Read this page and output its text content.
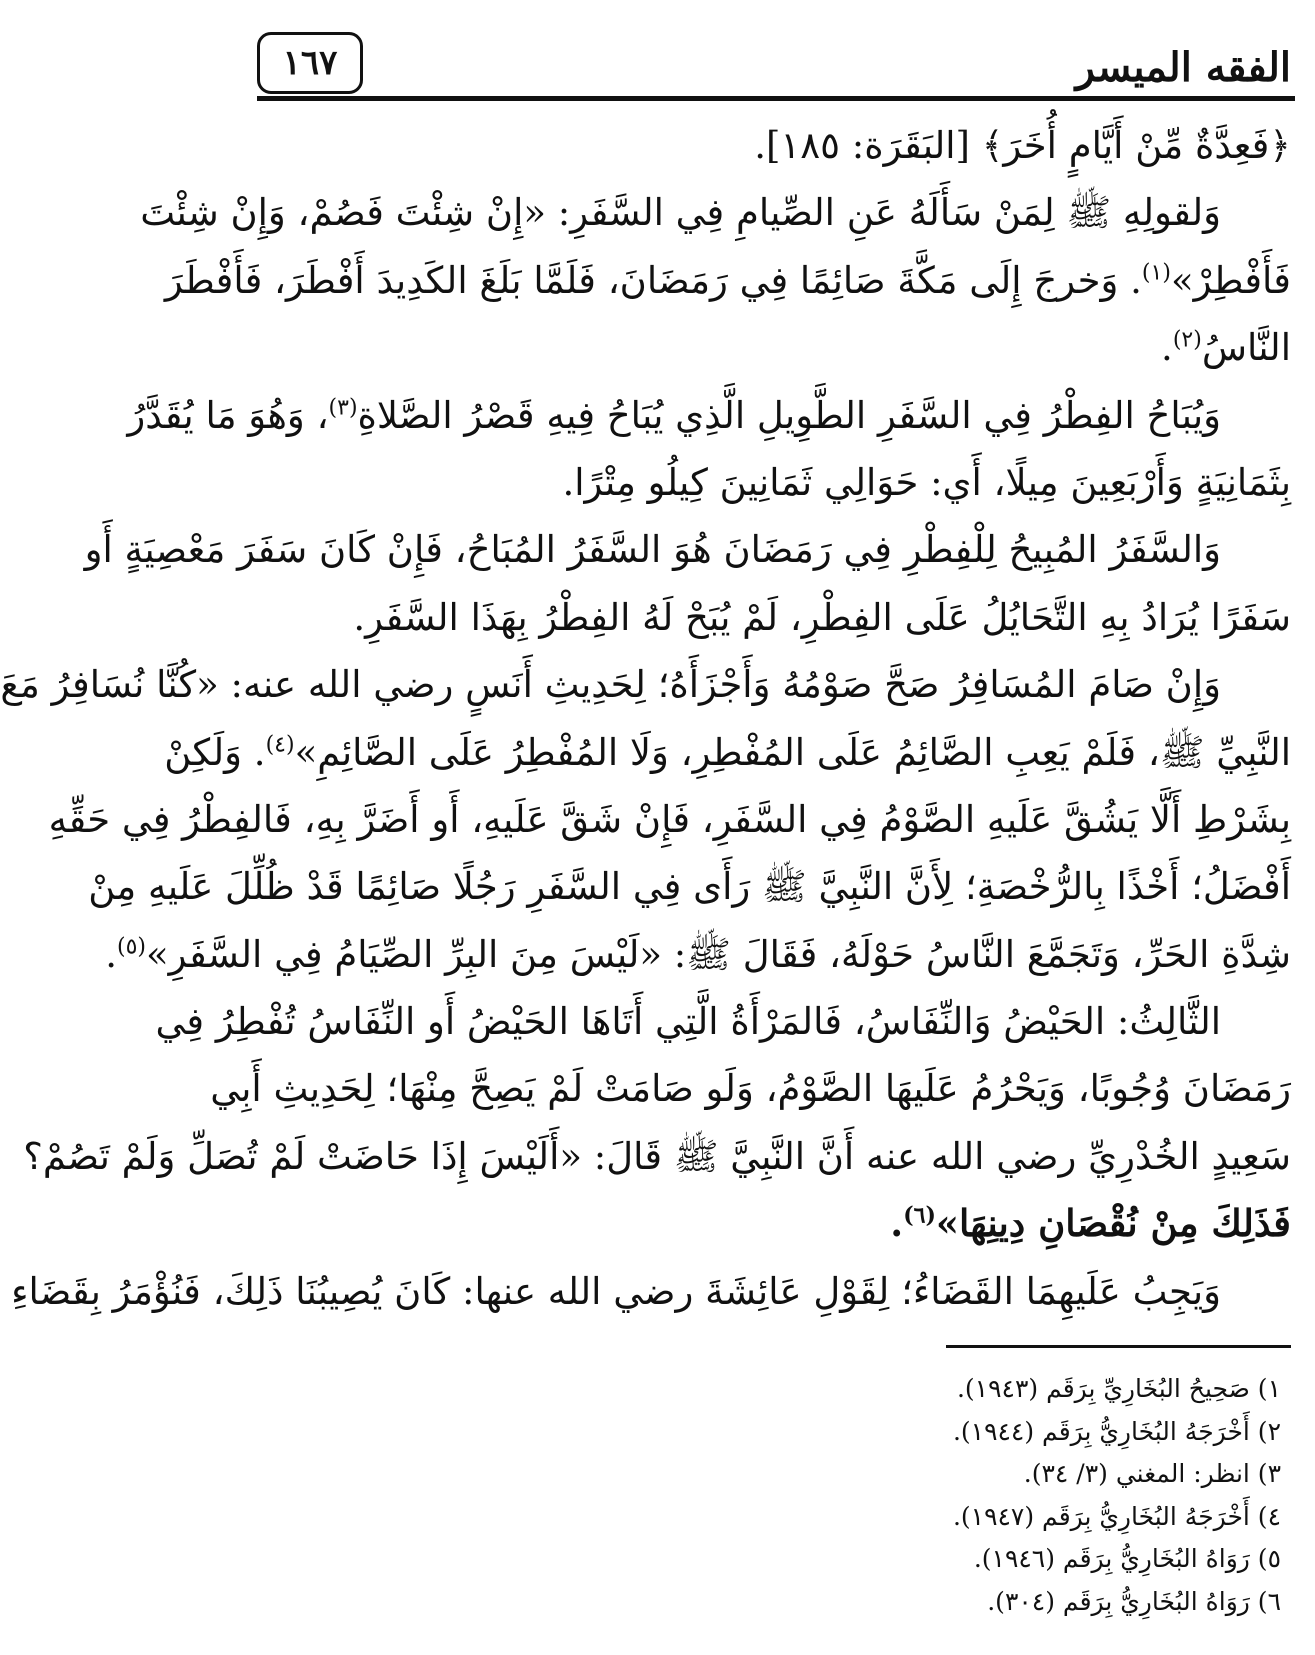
١٦٧	الفقه الميسر
﴿فَعِدَّةٌ مِّنْ أَيَّامٍ أُخَرَ﴾ [البَقَرَة: ١٨٥].
وَلقولِهِ ﷺ لِمَنْ سَأَلَهُ عَنِ الصِّيامِ فِي السَّفَرِ: «إِنْ شِئْتَ فَصُمْ، وَإِنْ شِئْتَ
فَأَفْطِرْ»$^{(١)}$. وَخرجَ إِلَى مَكَّةَ صَائِمًا فِي رَمَضَانَ، فَلَمَّا بَلَغَ الكَدِيدَ أَفْطَرَ، فَأَفْطَرَ
النَّاسُ$^{(٢)}$.
وَيُبَاحُ الفِطْرُ فِي السَّفَرِ الطَّوِيلِ الَّذِي يُبَاحُ فِيهِ قَصْرُ الصَّلاةِ$^{(٣)}$، وَهُوَ مَا يُقَدَّرُ
بِثَمَانِيَةٍ وَأَرْبَعِينَ مِيلًا، أَي: حَوَالِي ثَمَانِينَ كِيلُو مِتْرًا.
وَالسَّفَرُ المُبِيحُ لِلْفِطْرِ فِي رَمَضَانَ هُوَ السَّفَرُ المُبَاحُ، فَإِنْ كَانَ سَفَرَ مَعْصِيَةٍ أَو
سَفَرًا يُرَادُ بِهِ التَّحَايُلُ عَلَى الفِطْرِ، لَمْ يُبَحْ لَهُ الفِطْرُ بِهَذَا السَّفَرِ.
وَإِنْ صَامَ المُسَافِرُ صَحَّ صَوْمُهُ وَأَجْزَأَهُ؛ لِحَدِيثِ أَنَسٍ رضي الله عنه: «كُنَّا نُسَافِرُ مَعَ
النَّبِيِّ ﷺ، فَلَمْ يَعِبِ الصَّائِمُ عَلَى المُفْطِرِ، وَلَا المُفْطِرُ عَلَى الصَّائِمِ»$^{(٤)}$. وَلَكِنْ
بِشَرْطِ أَلَّا يَشُقَّ عَلَيهِ الصَّوْمُ فِي السَّفَرِ، فَإِنْ شَقَّ عَلَيهِ، أَو أَضَرَّ بِهِ، فَالفِطْرُ فِي حَقِّهِ
أَفْضَلُ؛ أَخْذًا بِالرُّخْصَةِ؛ لِأَنَّ النَّبِيَّ ﷺ رَأَى فِي السَّفَرِ رَجُلًا صَائِمًا قَدْ ظُلِّلَ عَلَيهِ مِنْ
شِدَّةِ الحَرِّ، وَتَجَمَّعَ النَّاسُ حَوْلَهُ، فَقَالَ ﷺ: «لَيْسَ مِنَ البِرِّ الصِّيَامُ فِي السَّفَرِ»$^{(٥)}$.
الثَّالِثُ: الحَيْضُ وَالنِّفَاسُ، فَالمَرْأَةُ الَّتِي أَتَاهَا الحَيْضُ أَو النِّفَاسُ تُفْطِرُ فِي
رَمَضَانَ وُجُوبًا، وَيَحْرُمُ عَلَيهَا الصَّوْمُ، وَلَو صَامَتْ لَمْ يَصِحَّ مِنْهَا؛ لِحَدِيثِ أَبِي
سَعِيدٍ الخُدْرِيِّ رضي الله عنه أَنَّ النَّبِيَّ ﷺ قَالَ: «أَلَيْسَ إِذَا حَاضَتْ لَمْ تُصَلِّ وَلَمْ تَصُمْ؟
فَذَلِكَ مِنْ نُقْصَانِ دِينِهَا»$^{(٦)}$.
وَيَجِبُ عَلَيهِمَا القَضَاءُ؛ لِقَوْلِ عَائِشَةَ رضي الله عنها: كَانَ يُصِيبُنَا ذَلِكَ، فَنُؤْمَرُ بِقَضَاءِ
١) صَحِيحُ البُخَارِيِّ بِرَقَم (١٩٤٣).
٢) أَخْرَجَهُ البُخَارِيُّ بِرَقَم (١٩٤٤).
٣) انظر: المغني (٣/ ٣٤).
٤) أَخْرَجَهُ البُخَارِيُّ بِرَقَم (١٩٤٧).
٥) رَوَاهُ البُخَارِيُّ بِرَقَم (١٩٤٦).
٦) رَوَاهُ البُخَارِيُّ بِرَقَم (٣٠٤).
